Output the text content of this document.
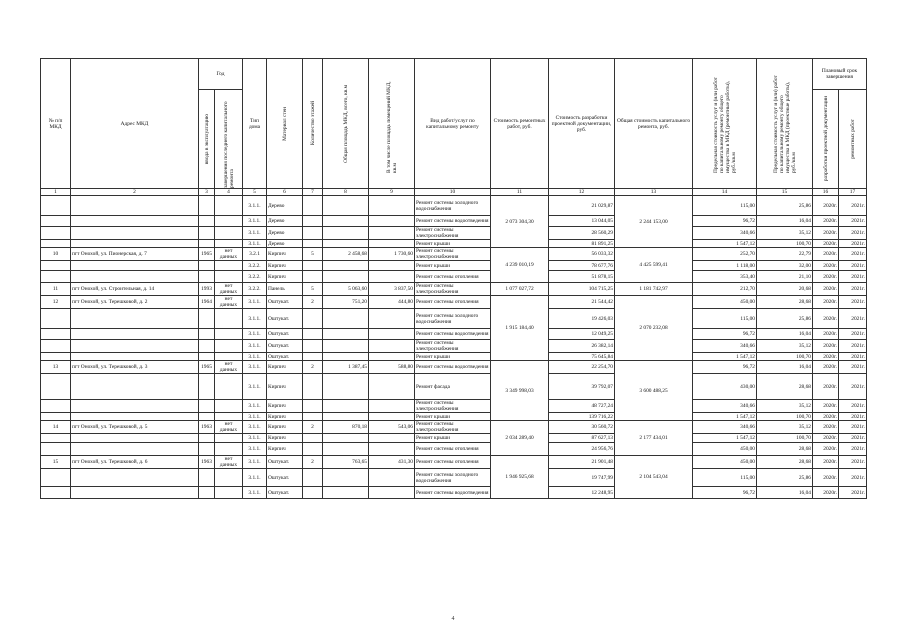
№ п/п МКД	Адрес МКД	Год		Тип дома	Материал стен	Количество этажей	Общая площадь МКД, всего, кв.м	В том числе площадь помещений МКД, кв.м	Вид работ/услуг по капитальному ремонту	Стоимость ремонтных работ, руб.	Стоимость разработки проектной документации, руб.	Общая стоимость капитального ремонта, руб.	Предельная стоимость услуг и (или работ по капитальному ремонту общего имущества в МКД (ремонтные работы), руб./кв.м	Предельная стоимость услуг и (или) работ по капитальному ремонту общего имущества в МКД (проектные работы), руб./кв.м	Плановый срок завершения	

		ввода в эксплуатацию	завершения последнего капитального ремонта												разработки проектной документации	ремонтных работ

1	2	3	4	5	6	7	8	9	10	11	12	13	14	15	16	17
				3.1.1.	Дерево				Ремонт системы холодного водоснабжения	2 073 304,30	21 029,87	2 244 153,00	115,00	25,86	2020г.	2021г.
				3.1.1.	Дерево				Ремонт системы водоотведения		13 044,05		96,72	16,04	2020г.	2021г.
				3.1.1.	Дерево				Ремонт системы электроснабжения		28 560,29		340,66	35,12	2020г.	2021г.
				3.1.1.	Дерево				Ремонт крыши		81 891,25		1 547,12	100,70	2020г.	2021г.
10	пгт Онохой, ул. Пионерская, д. 7	1965	нет данных	3.2.1	Кирпич	5	2 458,68	1 730,60	Ремонт системы электроснабжения	4 239 010,19	56 033,32	4 425 599,41	252,70	22,79	2020г.	2021г.
				3.2.2.	Кирпич				Ремонт крыши		78 677,76		1 118,00	32,00	2020г.	2021г.
				3.2.2.	Кирпич				Ремонт системы отопления		51 878,15		353,40	21,10	2020г.	2021г.
11	пгт Онохой, ул. Строительная, д. 14	1993	нет данных	3.2.2.	Панель	5	5 063,60	3 837,50	Ремонт системы электроснабжения	1 077 027,72	104 715,25	1 181 742,97	212,70	20,68	2020г.	2021г.
12	пгт Онохой, ул. Терешковой, д. 2	1964	нет данных	3.1.1.	Оштукат.	2	751,20	444,80	Ремонт системы отопления	1 915 184,40	21 544,42	2 070 232,08	450,00	28,68	2020г.	2021г.
				3.1.1.	Оштукат.				Ремонт системы холодного водоснабжения		19 426,03		115,00	25,86	2020г.	2021г.
				3.1.1.	Оштукат.				Ремонт системы водоотведения		12 049,25		96,72	16,04	2020г.	2021г.
				3.1.1.	Оштукат.				Ремонт системы электроснабжения		26 382,14		340,66	35,12	2020г.	2021г.
				3.1.1.	Оштукат.				Ремонт крыши		75 645,84		1 547,12	100,70	2020г.	2021г.
13	пгт Онохой, ул. Терешковой, д. 3	1965	нет данных	3.1.1.	Кирпич	2	1 387,45	588,80	Ремонт системы водоотведения	3 349 998,03	22 254,70	3 600 488,25	96,72	16,04	2020г.	2021г.
				3.1.1.	Кирпич				Ремонт фасада		39 792,07		430,00	28,68	2020г.	2021г.
				3.1.1.	Кирпич				Ремонт системы электроснабжения		48 727,24		340,66	35,12	2020г.	2021г.
				3.1.1.	Кирпич				Ремонт крыши		139 716,22		1 547,12	100,70	2020г.	2021г.
14	пгт Онохой, ул. Терешковой, д. 5	1963	нет данных	3.1.1.	Кирпич	2	870,18	543,06	Ремонт системы электроснабжения	2 034 289,40	30 560,72	2 177 434,01	340,66	35,12	2020г.	2021г.
				3.1.1.	Кирпич				Ремонт крыши		87 627,13		1 547,12	100,70	2020г.	2021г.
				3.1.1.	Кирпич				Ремонт системы отопления		24 956,76		450,00	28,68	2020г.	2021г.
15	пгт Онохой, ул. Терешковой, д. 6	1963	нет данных	3.1.1.	Оштукат.	2	763,65	431,30	Ремонт системы отопления	1 946 925,68	21 901,48	2 104 543,04	450,00	28,68	2020г.	2021г.
				3.1.1.	Оштукат.				Ремонт системы холодного водоснабжения		19 747,99		115,00	25,86	2020г.	2021г.
				3.1.1.	Оштукат.				Ремонт системы водоотведения		12 248,95		96,72	16,04	2020г.	2021г.
4
